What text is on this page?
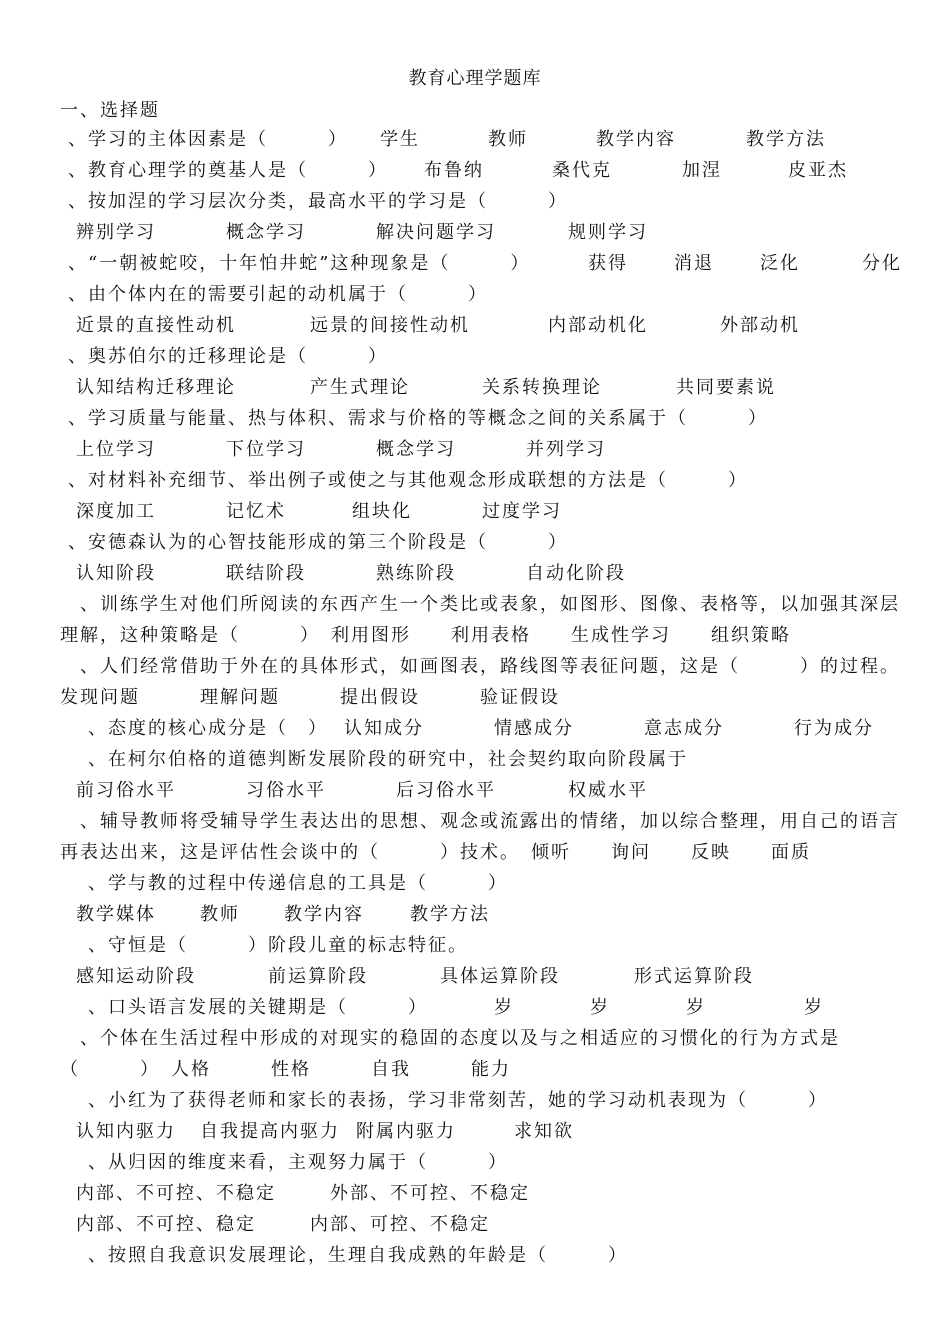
教育心理学题库
一、选择题
、学习的主体因素是（　　　） 学生	教师	教学内容	教学方法
、教育心理学的奠基人是（　　　） 布鲁纳	桑代克	加涅	皮亚杰
、按加涅的学习层次分类，最高水平的学习是（　　　）
辨别学习	概念学习	解决问题学习	规则学习
、“一朝被蛇咬，十年怕井蛇”这种现象是（　　　）	获得	消退	泛化	分化
、由个体内在的需要引起的动机属于（　　　）
近景的直接性动机	远景的间接性动机	内部动机化	外部动机
、奥苏伯尔的迁移理论是（　　　）
认知结构迁移理论	产生式理论	关系转换理论	共同要素说
、学习质量与能量、热与体积、需求与价格的等概念之间的关系属于（　　　）
上位学习	下位学习	概念学习	并列学习
、对材料补充细节、举出例子或使之与其他观念形成联想的方法是（　　　）
深度加工	记忆术	组块化	过度学习
、安德森认为的心智技能形成的第三个阶段是（　　　）
认知阶段	联结阶段	熟练阶段	自动化阶段
　、训练学生对他们所阅读的东西产生一个类比或表象，如图形、图像、表格等，以加强其深层理解，这种策略是（　　　）　利用图形　　利用表格　　生成性学习　　组织策略
　、人们经常借助于外在的具体形式，如画图表，路线图等表征问题，这是（　　　）的过程。　发现问题　　　理解问题　　　提出假设　　　验证假设
　、态度的核心成分是（　） 认知成分	情感成分	意志成分	行为成分
　、在柯尔伯格的道德判断发展阶段的研究中，社会契约取向阶段属于
前习俗水平	习俗水平	后习俗水平	权威水平
　、辅导教师将受辅导学生表达出的思想、观念或流露出的情绪，加以综合整理，用自己的语言再表达出来，这是评估性会谈中的（　　　）技术。　倾听　　询问　　反映　　面质
　、学与教的过程中传递信息的工具是（　　　）
教学媒体 教师 教学内容	教学方法
　、守恒是（　　　）阶段儿童的标志特征。
感知运动阶段	前运算阶段	具体运算阶段	形式运算阶段
　、口头语言发展的关键期是（　　　）	岁	岁	岁	岁
　、个体在生活过程中形成的对现实的稳固的态度以及与之相适应的习惯化的行为方式是（　　　）　人格　　　性格　　　自我　　　能力
　、小红为了获得老师和家长的表扬，学习非常刻苦，她的学习动机表现为（　　　）
认知内驱力 自我提高内驱力 附属内驱力	求知欲
　、从归因的维度来看，主观努力属于（　　　）
内部、不可控、不稳定	外部、不可控、不稳定
内部、不可控、稳定	内部、可控、不稳定
　、按照自我意识发展理论，生理自我成熟的年龄是（　　　）
